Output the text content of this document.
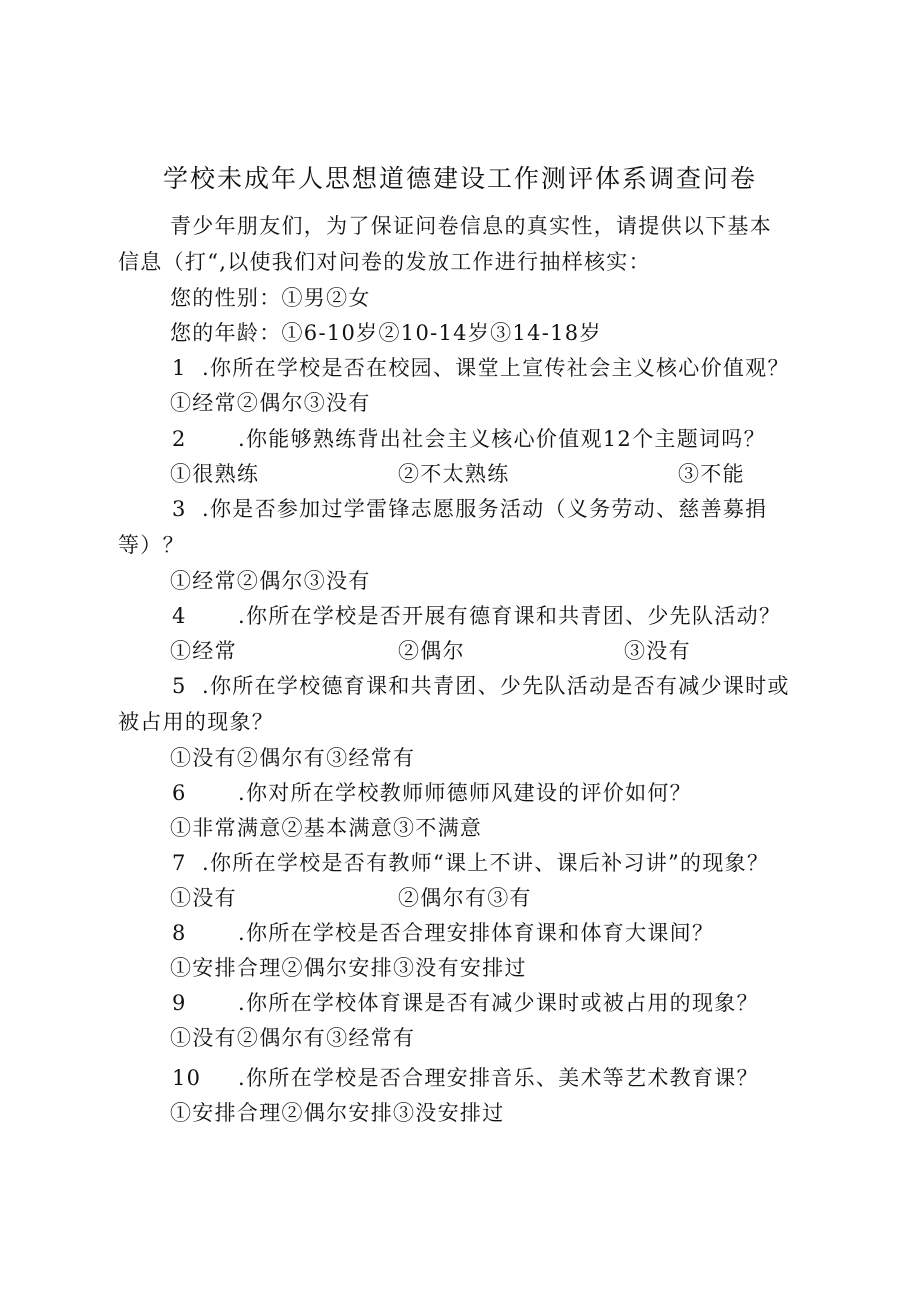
学校未成年人思想道德建设工作测评体系调查问卷
青少年朋友们，为了保证问卷信息的真实性，请提供以下基本
信息（打“,以使我们对问卷的发放工作进行抽样核实：
您的性别：①男②女
您的年龄：①6-10岁②10-14岁③14-18岁
1 .你所在学校是否在校园、课堂上宣传社会主义核心价值观？
①经常②偶尔③没有
2 .你能够熟练背出社会主义核心价值观12个主题词吗？
①很熟练	②不太熟练	③不能
3 .你是否参加过学雷锋志愿服务活动（义务劳动、慈善募捐
等）？
①经常②偶尔③没有
4 .你所在学校是否开展有德育课和共青团、少先队活动？
①经常	②偶尔	③没有
5 .你所在学校德育课和共青团、少先队活动是否有减少课时或
被占用的现象？
①没有②偶尔有③经常有
6 .你对所在学校教师师德师风建设的评价如何？
①非常满意②基本满意③不满意
7 .你所在学校是否有教师“课上不讲、课后补习讲”的现象？
①没有	②偶尔有③有
8 .你所在学校是否合理安排体育课和体育大课间？
①安排合理②偶尔安排③没有安排过
9 .你所在学校体育课是否有减少课时或被占用的现象？
①没有②偶尔有③经常有
10 .你所在学校是否合理安排音乐、美术等艺术教育课？
①安排合理②偶尔安排③没安排过
